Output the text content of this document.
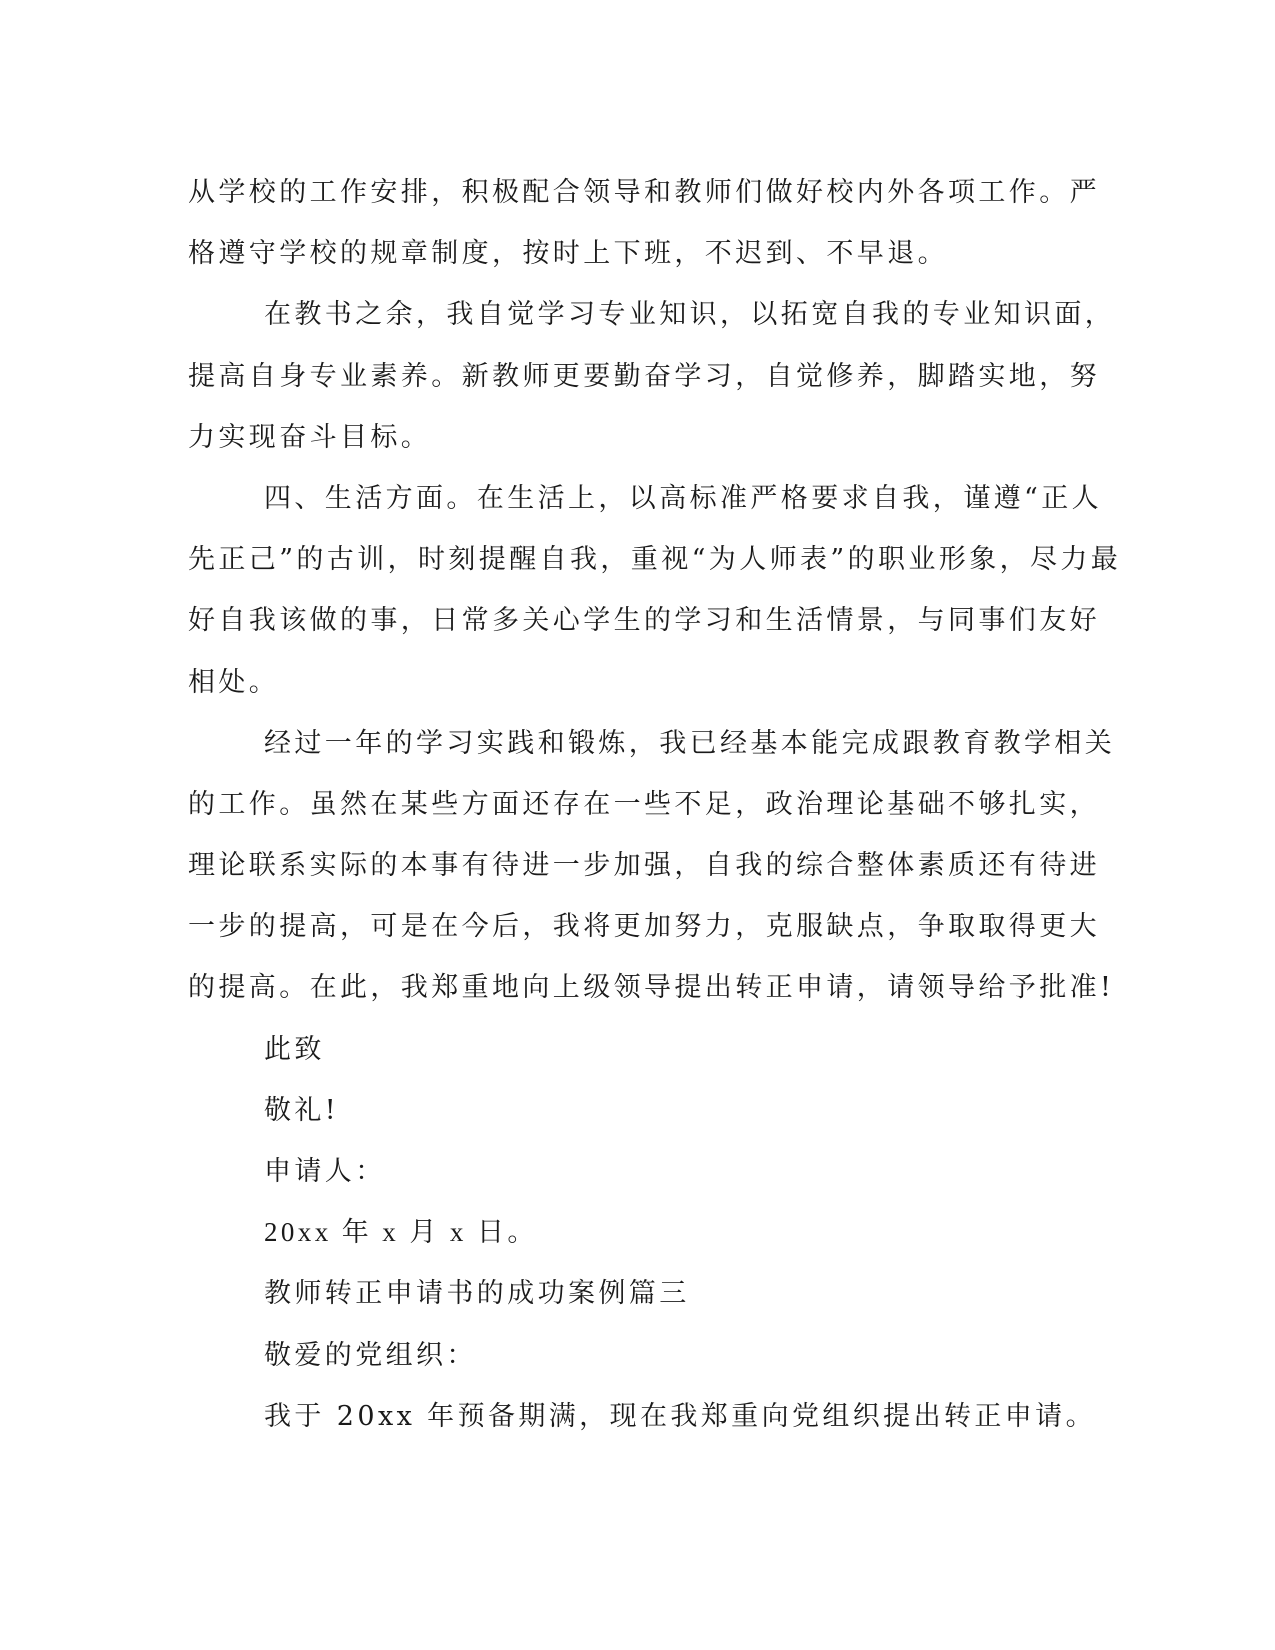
从学校的工作安排，积极配合领导和教师们做好校内外各项工作。严
格遵守学校的规章制度，按时上下班，不迟到、不早退。
在教书之余，我自觉学习专业知识，以拓宽自我的专业知识面，
提高自身专业素养。新教师更要勤奋学习，自觉修养，脚踏实地，努
力实现奋斗目标。
四、生活方面。在生活上，以高标准严格要求自我，谨遵“正人
先正己”的古训，时刻提醒自我，重视“为人师表”的职业形象，尽力最
好自我该做的事，日常多关心学生的学习和生活情景，与同事们友好
相处。
经过一年的学习实践和锻炼，我已经基本能完成跟教育教学相关
的工作。虽然在某些方面还存在一些不足，政治理论基础不够扎实，
理论联系实际的本事有待进一步加强，自我的综合整体素质还有待进
一步的提高，可是在今后，我将更加努力，克服缺点，争取取得更大
的提高。在此，我郑重地向上级领导提出转正申请，请领导给予批准!
此致
敬礼!
申请人：
20xx 年 x 月 x 日。
教师转正申请书的成功案例篇三
敬爱的党组织：
我于 20xx 年预备期满，现在我郑重向党组织提出转正申请。
